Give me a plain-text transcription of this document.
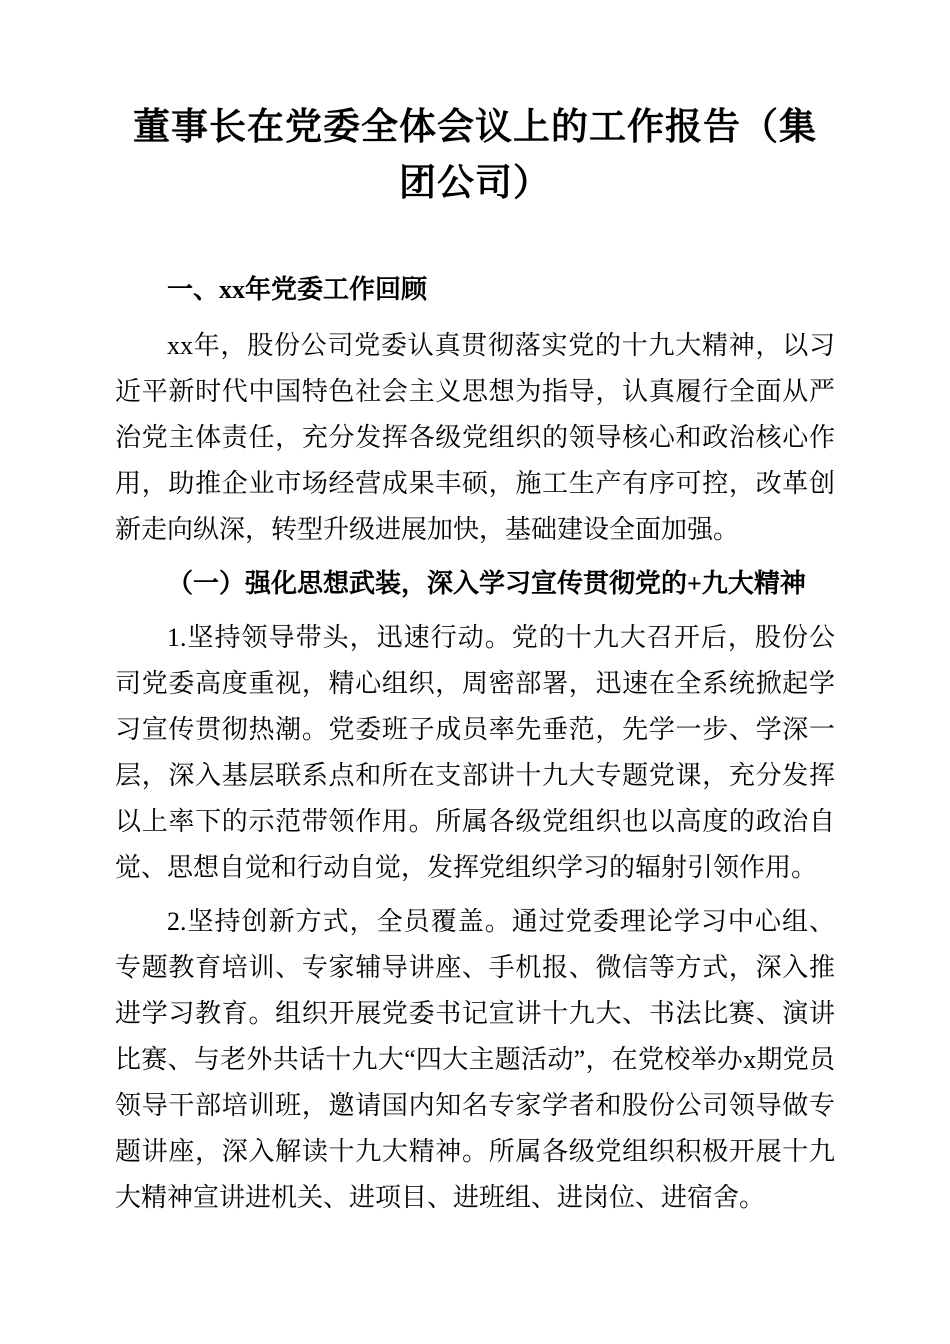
董事长在党委全体会议上的工作报告（集团公司）
一、xx年党委工作回顾

xx年，股份公司党委认真贯彻落实党的十九大精神，以习近平新时代中国特色社会主义思想为指导，认真履行全面从严治党主体责任，充分发挥各级党组织的领导核心和政治核心作用，助推企业市场经营成果丰硕，施工生产有序可控，改革创新走向纵深，转型升级进展加快，基础建设全面加强。

（一）强化思想武装，深入学习宣传贯彻党的+九大精神

1.坚持领导带头，迅速行动。党的十九大召开后，股份公司党委高度重视，精心组织，周密部署，迅速在全系统掀起学习宣传贯彻热潮。党委班子成员率先垂范，先学一步、学深一层，深入基层联系点和所在支部讲十九大专题党课，充分发挥以上率下的示范带领作用。所属各级党组织也以高度的政治自觉、思想自觉和行动自觉，发挥党组织学习的辐射引领作用。

2.坚持创新方式，全员覆盖。通过党委理论学习中心组、专题教育培训、专家辅导讲座、手机报、微信等方式，深入推进学习教育。组织开展党委书记宣讲十九大、书法比赛、演讲比赛、与老外共话十九大“四大主题活动”，在党校举办x期党员领导干部培训班，邀请国内知名专家学者和股份公司领导做专题讲座，深入解读十九大精神。所属各级党组织积极开展十九大精神宣讲进机关、进项目、进班组、进岗位、进宿舍。
